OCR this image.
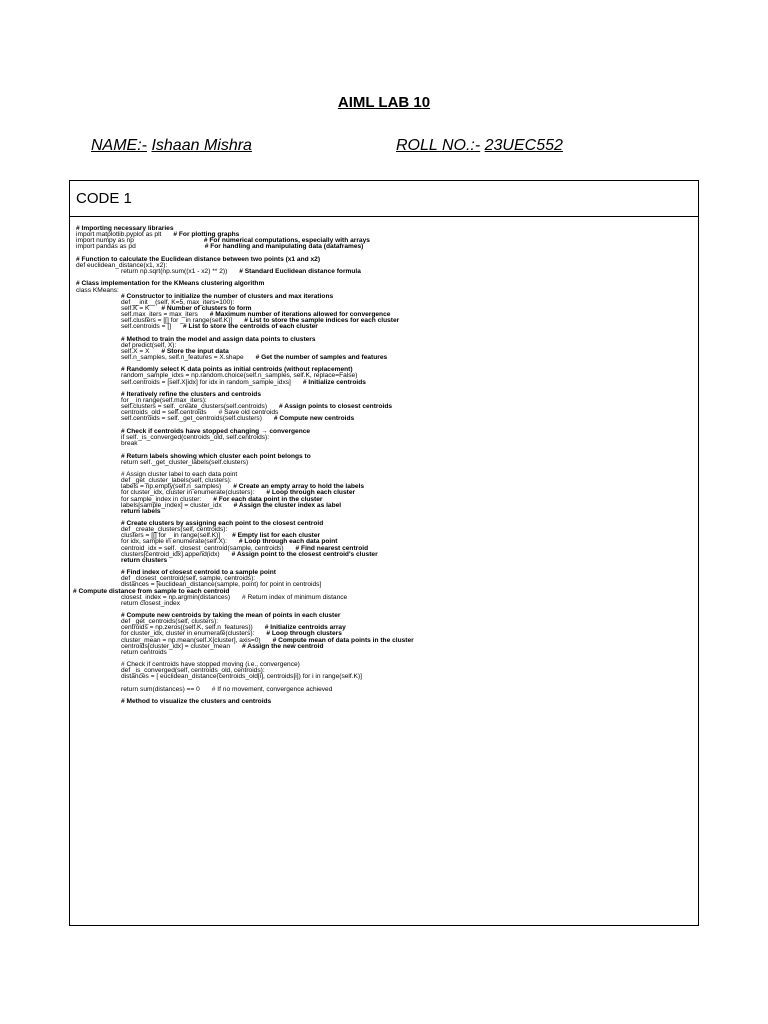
AIML LAB 10
NAME:- Ishaan Mishra	ROLL NO.:- 23UEC552
CODE 1
# Importing necessary libraries
import matplotlib.pyplot as plt # For plotting graphs
import numpy as np	# For numerical computations, especially with arrays
import pandas as pd	# For handling and manipulating data (dataframes)
# Function to calculate the Euclidean distance between two points (x1 and x2)
def euclidean_distance(x1, x2):
return np.sqrt(np.sum((x1 - x2) ** 2)) # Standard Euclidean distance formula
# Class implementation for the KMeans clustering algorithm
class KMeans:
# Constructor to initialize the number of clusters and max iterations
def __init__(self, K=5, max_iters=100):
self.K = K # Number of clusters to form
self.max_iters = max_iters # Maximum number of iterations allowed for convergence
self.clusters = [[] for _ in range(self.K)] # List to store the sample indices for each cluster
self.centroids = [] # List to store the centroids of each cluster
# Method to train the model and assign data points to clusters
def predict(self, X):
self.X = X # Store the input data
self.n_samples, self.n_features = X.shape # Get the number of samples and features
# Randomly select K data points as initial centroids (without replacement)
random_sample_idxs = np.random.choice(self.n_samples, self.K, replace=False)
self.centroids = [self.X[idx] for idx in random_sample_idxs] # Initialize centroids
# Iteratively refine the clusters and centroids
for _ in range(self.max_iters):
self.clusters = self._create_clusters(self.centroids) # Assign points to closest centroids
centroids_old = self.centroids # Save old centroids
self.centroids = self._get_centroids(self.clusters) # Compute new centroids
# Check if centroids have stopped changing → convergence
if self._is_converged(centroids_old, self.centroids):
break
# Return labels showing which cluster each point belongs to
return self._get_cluster_labels(self.clusters)
# Assign cluster label to each data point
def _get_cluster_labels(self, clusters):
labels = np.empty(self.n_samples) # Create an empty array to hold the labels
for cluster_idx, cluster in enumerate(clusters): # Loop through each cluster
for sample_index in cluster: # For each data point in the cluster
labels[sample_index] = cluster_idx # Assign the cluster index as label
return labels
# Create clusters by assigning each point to the closest centroid
def _create_clusters(self, centroids):
clusters = [[] for _ in range(self.K)] # Empty list for each cluster
for idx, sample in enumerate(self.X): # Loop through each data point
centroid_idx = self._closest_centroid(sample, centroids) # Find nearest centroid
clusters[centroid_idx].append(idx) # Assign point to the closest centroid's cluster
return clusters
# Find index of closest centroid to a sample point
def _closest_centroid(self, sample, centroids):
distances = [euclidean_distance(sample, point) for point in centroids]
# Compute distance from sample to each centroid
closest_index = np.argmin(distances) # Return index of minimum distance
return closest_index
# Compute new centroids by taking the mean of points in each cluster
def _get_centroids(self, clusters):
centroids = np.zeros((self.K, self.n_features)) # Initialize centroids array
for cluster_idx, cluster in enumerate(clusters): # Loop through clusters
cluster_mean = np.mean(self.X[cluster], axis=0) # Compute mean of data points in the cluster
centroids[cluster_idx] = cluster_mean # Assign the new centroid
return centroids
# Check if centroids have stopped moving (i.e., convergence)
def _is_converged(self, centroids_old, centroids):
distances = [ euclidean_distance(centroids_old[i], centroids[i]) for i in range(self.K)]
return sum(distances) == 0 # If no movement, convergence achieved
# Method to visualize the clusters and centroids
